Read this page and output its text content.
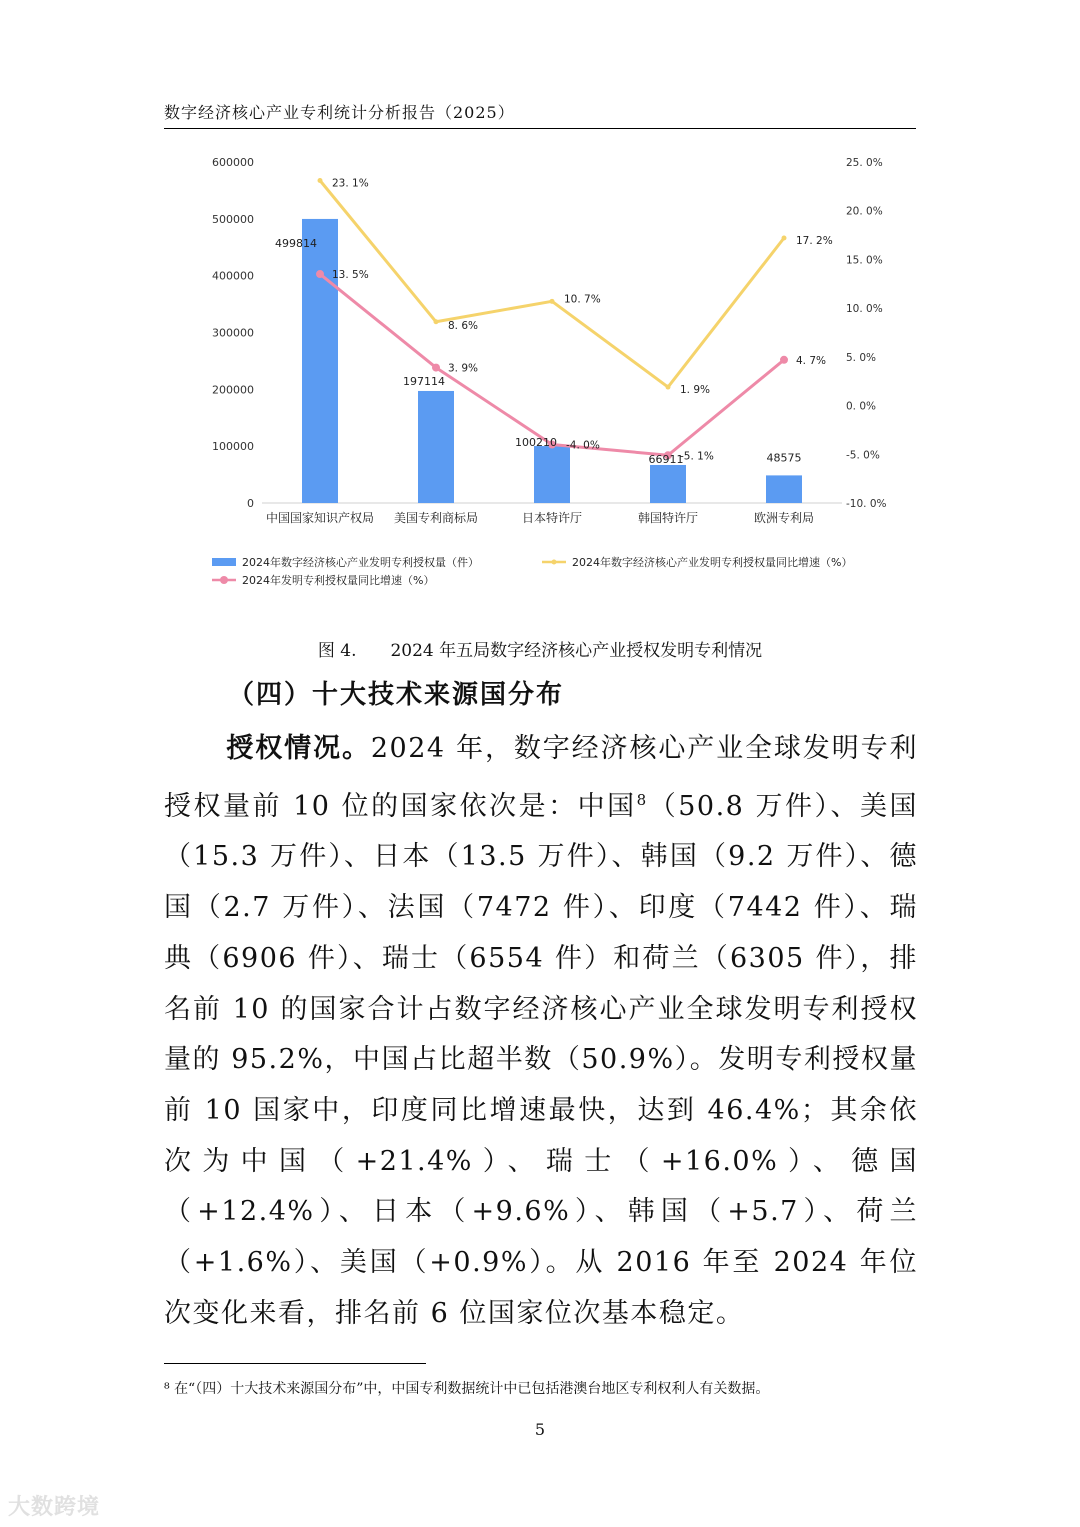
数字经济核心产业专利统计分析报告（2025）
600000
500000
400000
300000
200000
100000
0
25. 0%
20. 0%
15. 0%
10. 0%
5. 0%
0. 0%
-5. 0%
-10. 0%
中国国家知识产权局 美国专利商标局	日本特许厅	韩国特许厅	欧洲专利局
499814
197114
100210
66911	48575
23. 1%
8. 6%
10. 7%
1. 9%
17. 2%
13. 5%
3. 9%
-4. 0%
-5. 1%
4. 7%
2024年数字经济核心产业发明专利授权量（件）	2024年数字经济核心产业发明专利授权量同比增速（%）
2024年发明专利授权量同比增速（%）
图 4.　　2024 年五局数字经济核心产业授权发明专利情况
（四）十大技术来源国分布
授权情况。2024 年，数字经济核心产业全球发明专利授权量前 10 位的国家依次是：中国$^8$（50.8 万件）、美国（15.3 万件）、日本（13.5 万件）、韩国（9.2 万件）、德国（2.7 万件）、法国（7472 件）、印度（7442 件）、瑞典（6906 件）、瑞士（6554 件）和荷兰（6305 件），排名前 10 的国家合计占数字经济核心产业全球发明专利授权量的 95.2%，中国占比超半数（50.9%）。发明专利授权量前 10 国家中，印度同比增速最快，达到 46.4%；其余依次为中国（+21.4%）、瑞士（+16.0%）、德国（+12.4%）、日本（+9.6%）、韩国（+5.7）、荷兰（+1.6%）、美国（+0.9%）。从 2016 年至 2024 年位次变化来看，排名前 6 位国家位次基本稳定。
⁸ 在“（四）十大技术来源国分布”中，中国专利数据统计中已包括港澳台地区专利权利人有关数据。
5
大数跨境
